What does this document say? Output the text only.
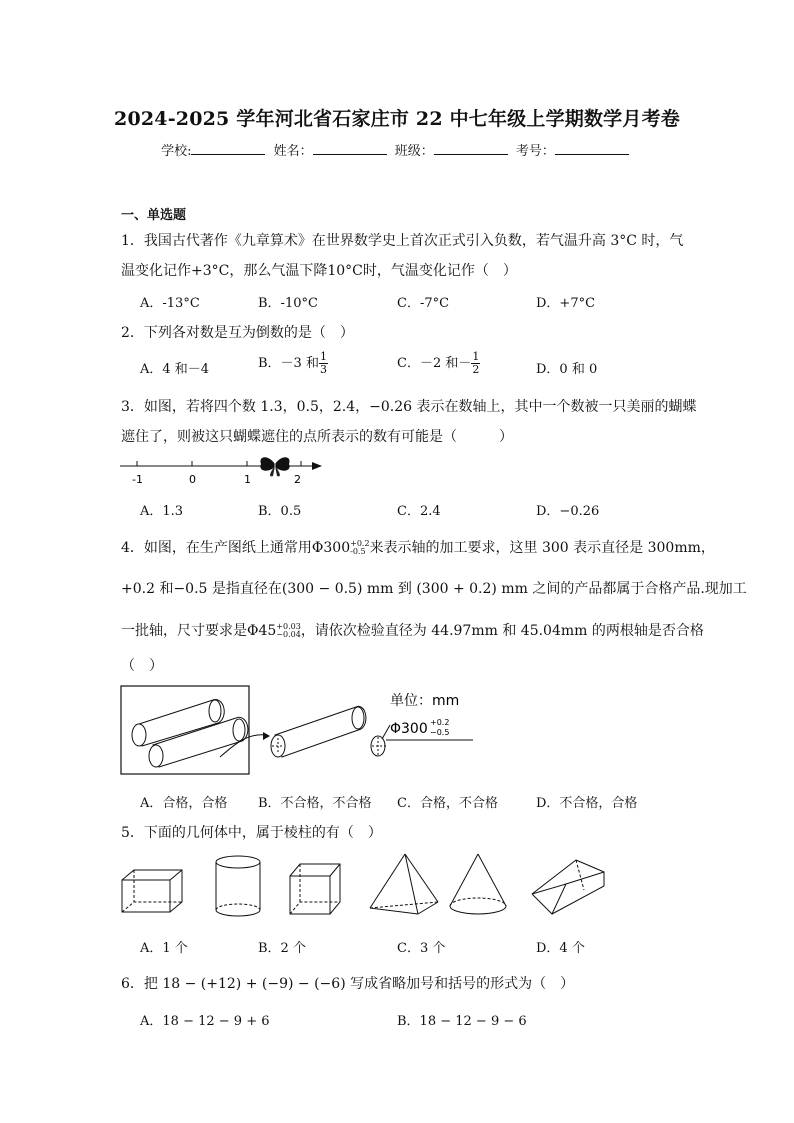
2024-2025 学年河北省石家庄市 22 中七年级上学期数学月考卷
学校:	姓名：	班级：	考号：
一、单选题
1．我国古代著作《九章算术》在世界数学史上首次正式引入负数，若气温升高 3°C 时，气
温变化记作+3°C，那么气温下降10°C时，气温变化记作（　）
A．-13°C	B．-10°C	C．-7°C	D．+7°C
2．下列各对数是互为倒数的是（　）
A．4 和－4	B．－3 和 $\frac{1}{3}$	C．－2 和－ $\frac{1}{2}$	D．0 和 0
3．如图，若将四个数 1.3，0.5，2.4，−0.26 表示在数轴上，其中一个数被一只美丽的蝴蝶
遮住了，则被这只蝴蝶遮住的点所表示的数有可能是（　　　）
-1	0	1	2
A．1.3	B．0.5	C．2.4	D．−0.26
4．如图，在生产图纸上通常用Φ300 +0.2
-0.5 来表示轴的加工要求，这里 300 表示直径是 300mm，
+0.2 和−0.5 是指直径在(300 − 0.5) mm 到 (300 + 0.2) mm 之间的产品都属于合格产品.现加工
一批轴，尺寸要求是Φ45 +0.03
−0.04 ，请依次检验直径为 44.97mm 和 45.04mm 的两根轴是否合格
（　）
单位：mm
Φ300 +0.2
−0.5
A．合格，合格 B．不合格，不合格 C．合格，不合格	D．不合格，合格
5．下面的几何体中，属于棱柱的有（　）
A．1 个	B．2 个	C．3 个	D．4 个
6．把 18 − (+12) + (−9) − (−6) 写成省略加号和括号的形式为（　）
A．18 − 12 − 9 + 6	B．18 − 12 − 9 − 6
